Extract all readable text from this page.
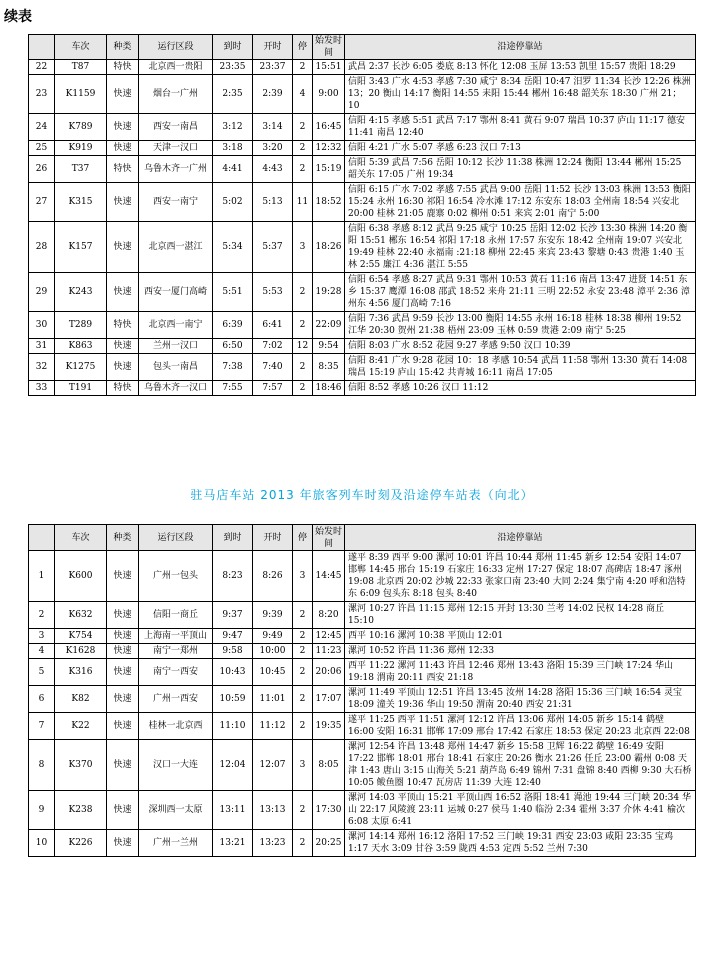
续表
	车次	种类	运行区段	到时	开时	停	始发时间	沿途停靠站
22	T87	特快	北京西一贵阳	23:35	23:37	2	15:51	武昌 2:37 长沙 6:05 娄底 8:13 怀化 12:08 玉屏 13:53 凯里 15:57 贵阳 18:29
23	K1159	快速	烟台一广州	2:35	2:39	4	9:00	信阳 3:43 广水 4:53 孝感 7:30 咸宁 8:34 岳阳 10:47 汨罗 11:34 长沙 12:26 株洲 13；20 衡山 14:17 衡阳 14:55 耒阳 15:44 郴州 16:48 韶关东 18:30 广州 21；10
24	K789	快速	西安一南昌	3:12	3:14	2	16:45	信阳 4:15 孝感 5:51 武昌 7:17 鄂州 8:41 黄石 9:07 瑞昌 10:37 庐山 11:17 德安 11:41 南昌 12:40
25	K919	快速	天津一汉口	3:18	3:20	2	12:32	信阳 4:21 广水 5:07 孝感 6:23 汉口 7:13
26	T37	特快	乌鲁木齐一广州	4:41	4:43	2	15:19	信阳 5:39 武昌 7:56 岳阳 10:12 长沙 11:38 株洲 12:24 衡阳 13:44 郴州 15:25 韶关东 17:05 广州 19:34
27	K315	快速	西安一南宁	5:02	5:13	11	18:52	信阳 6:15 广水 7:02 孝感 7:55 武昌 9:00 岳阳 11:52 长沙 13:03 株洲 13:53 衡阳 15:24 永州 16:30 祁阳 16:54 冷水滩 17:12 东安东 18:03 全州南 18:54 兴安北 20:00 桂林 21:05 鹿寨 0:02 柳州 0:51 来宾 2:01 南宁 5:00
28	K157	快速	北京西一湛江	5:34	5:37	3	18:26	信阳 6:38 孝感 8:12 武昌 9:25 咸宁 10:25 岳阳 12:02 长沙 13:30 株洲 14:20 衡阳 15:51 郴东 16:54 祁阳 17:18 永州 17:57 东安东 18:42 全州南 19:07 兴安北 19:49 桂林 22:40 永福南 :21:18 柳州 22:45 来宾 23:43 黎塘 0:43 贵港 1:40 玉林 2:55 廉江 4:36 湛江 5:55
29	K243	快速	西安一厦门高崎	5:51	5:53	2	19:28	信阳 6:54 孝感 8:27 武昌 9:31 鄂州 10:53 黄石 11:16 南昌 13:47 进贤 14:51 东乡 15:37 鹰潭 16:08 邵武 18:52 来舟 21:11 三明 22:52 永安 23:48 漳平 2:36 漳州东 4:56 厦门高崎 7:16
30	T289	特快	北京西一南宁	6:39	6:41	2	22:09	信阳 7:36 武昌 9:59 长沙 13:00 衡阳 14:55 永州 16:18 桂林 18:38 柳州 19:52 江华 20:30 贺州 21:38 梧州 23:09 玉林 0:59 贵港 2:09 南宁 5:25
31	K863	快速	兰州一汉口	6:50	7:02	12	9:54	信阳 8:03 广水 8:52 花园 9:27 孝感 9:50 汉口 10:39
32	K1275	快速	包头一南昌	7:38	7:40	2	8:35	信阳 8:41 广水 9:28 花园 10：18 孝感 10:54 武昌 11:58 鄂州 13:30 黄石 14:08 瑞昌 15:19 庐山 15:42 共青城 16:11 南昌 17:05
33	T191	特快	乌鲁木齐一汉口	7:55	7:57	2	18:46	信阳 8:52 孝感 10:26 汉口 11:12
驻马店车站 2013 年旅客列车时刻及沿途停车站表（向北）
	车次	种类	运行区段	到时	开时	停	始发时间	沿途停靠站
1	K600	快速	广州一包头	8:23	8:26	3	14:45	遂平 8:39 西平 9:00 漯河 10:01 许昌 10:44 郑州 11:45 新乡 12:54 安阳 14:07 邯郸 14:45 邢台 15:19 石家庄 16:33 定州 17:27 保定 18:07 高碑店 18:47 涿州 19:08 北京西 20:02 沙城 22:33 张家口南 23:40 大同 2:24 集宁南 4:20 呼和浩特东 6:09 包头东 8:18 包头 8:40
2	K632	快速	信阳一商丘	9:37	9:39	2	8:20	漯河 10:27 许昌 11:15 郑州 12:15 开封 13:30 兰考 14:02 民权 14:28 商丘 15:10
3	K754	快速	上海南一平顶山	9:47	9:49	2	12:45	西平 10:16 漯河 10:38 平顶山 12:01
4	K1628	快速	南宁一郑州	9:58	10:00	2	11:23	漯河 10:52 许昌 11:36 郑州 12:33
5	K316	快速	南宁一西安	10:43	10:45	2	20:06	西平 11:22 漯河 11:43 许昌 12:46 郑州 13:43 洛阳 15:39 三门峡 17:24 华山 19:18 渭南 20:11 西安 21:18
6	K82	快速	广州一西安	10:59	11:01	2	17:07	漯河 11:49 平顶山 12:51 许昌 13:45 汝州 14:28 洛阳 15:36 三门峡 16:54 灵宝 18:09 潼关 19:36 华山 19:50 渭南 20:40 西安 21:31
7	K22	快速	桂林一北京西	11:10	11:12	2	19:35	遂平 11:25 西平 11:51 漯河 12:12 许昌 13:06 郑州 14:05 新乡 15:14 鹤壁 16:00 安阳 16:31 邯郸 17:09 邢台 17:42 石家庄 18:53 保定 20:23 北京西 22:08
8	K370	快速	汉口一大连	12:04	12:07	3	8:05	漯河 12:54 许昌 13:48 郑州 14:47 新乡 15:58 卫辉 16:22 鹤壁 16:49 安阳 17:22 邯郸 18:01 邢台 18:41 石家庄 20:26 衡水 21:26 任丘 23:00 霸州 0:08 天津 1:43 唐山 3:15 山海关 5:21 葫芦岛 6:49 锦州 7:31 盘锦 8:40 西柳 9:30 大石桥 10:05 鲅鱼圈 10:47 瓦房店 11:39 大连 12:40
9	K238	快速	深圳西一太原	13:11	13:13	2	17:30	漯河 14:03 平顶山 15:21 平顶山西 16:52 洛阳 18:41 渑池 19:44 三门峡 20:34 华山 22:17 风陵渡 23:11 运城 0:27 侯马 1:40 临汾 2:34 霍州 3:37 介休 4:41 榆次 6:08 太原 6:41
10	K226	快速	广州一兰州	13:21	13:23	2	20:25	漯河 14:14 郑州 16:12 洛阳 17:52 三门峡 19:31 西安 23:03 咸阳 23:35 宝鸡 1:17 天水 3:09 甘谷 3:59 陇西 4:53 定西 5:52 兰州 7:30
